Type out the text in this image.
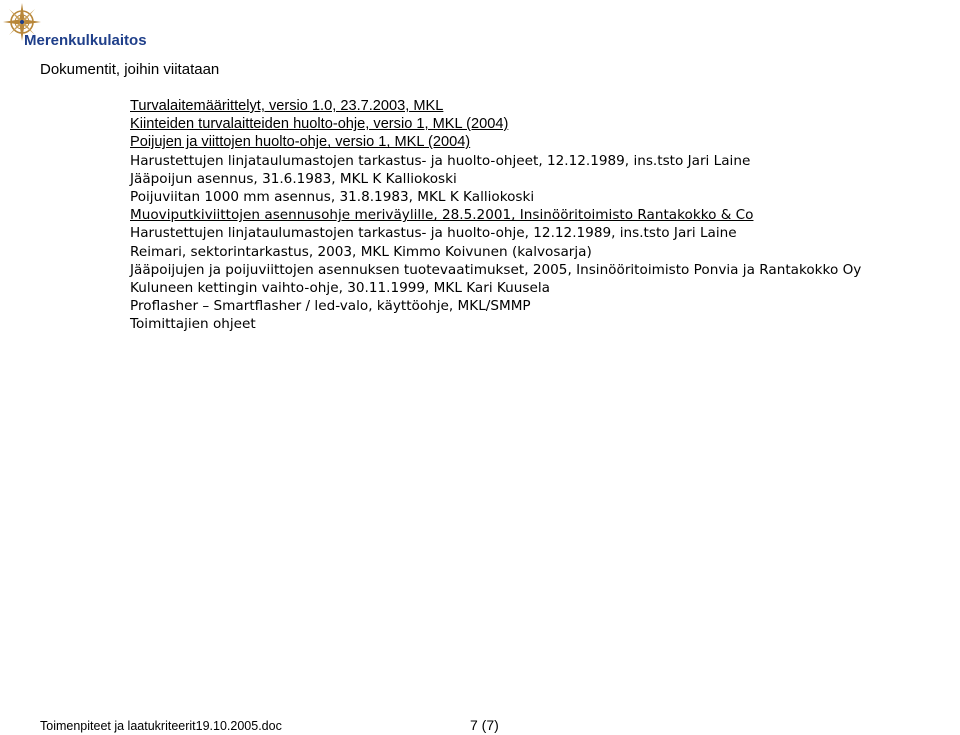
Merenkulkulaitos
Dokumentit, joihin viitataan
Turvalaitemäärittelyt, versio 1.0, 23.7.2003, MKL
Kiinteiden turvalaitteiden huolto-ohje, versio 1, MKL (2004)
Poijujen ja viittojen huolto-ohje, versio 1, MKL (2004)
Harustettujen linjataulumastojen tarkastus- ja huolto-ohjeet, 12.12.1989, ins.tsto Jari Laine
Jääpoijun asennus, 31.6.1983, MKL K Kalliokoski
Poijuviitan 1000 mm asennus, 31.8.1983, MKL K Kalliokoski
Muoviputkiviittojen asennusohje meriväylille, 28.5.2001, Insinööritoimisto Rantakokko & Co
Harustettujen linjataulumastojen tarkastus- ja huolto-ohje, 12.12.1989, ins.tsto Jari Laine
Reimari, sektorintarkastus, 2003, MKL Kimmo Koivunen (kalvosarja)
Jääpoijujen ja poijuviittojen asennuksen tuotevaatimukset, 2005, Insinööritoimisto Ponvia ja Rantakokko Oy
Kuluneen kettingin vaihto-ohje, 30.11.1999, MKL Kari Kuusela
Proflasher – Smartflasher / led-valo, käyttöohje, MKL/SMMP
Toimittajien ohjeet
Toimenpiteet ja laatukriteerit19.10.2005.doc	7 (7)
